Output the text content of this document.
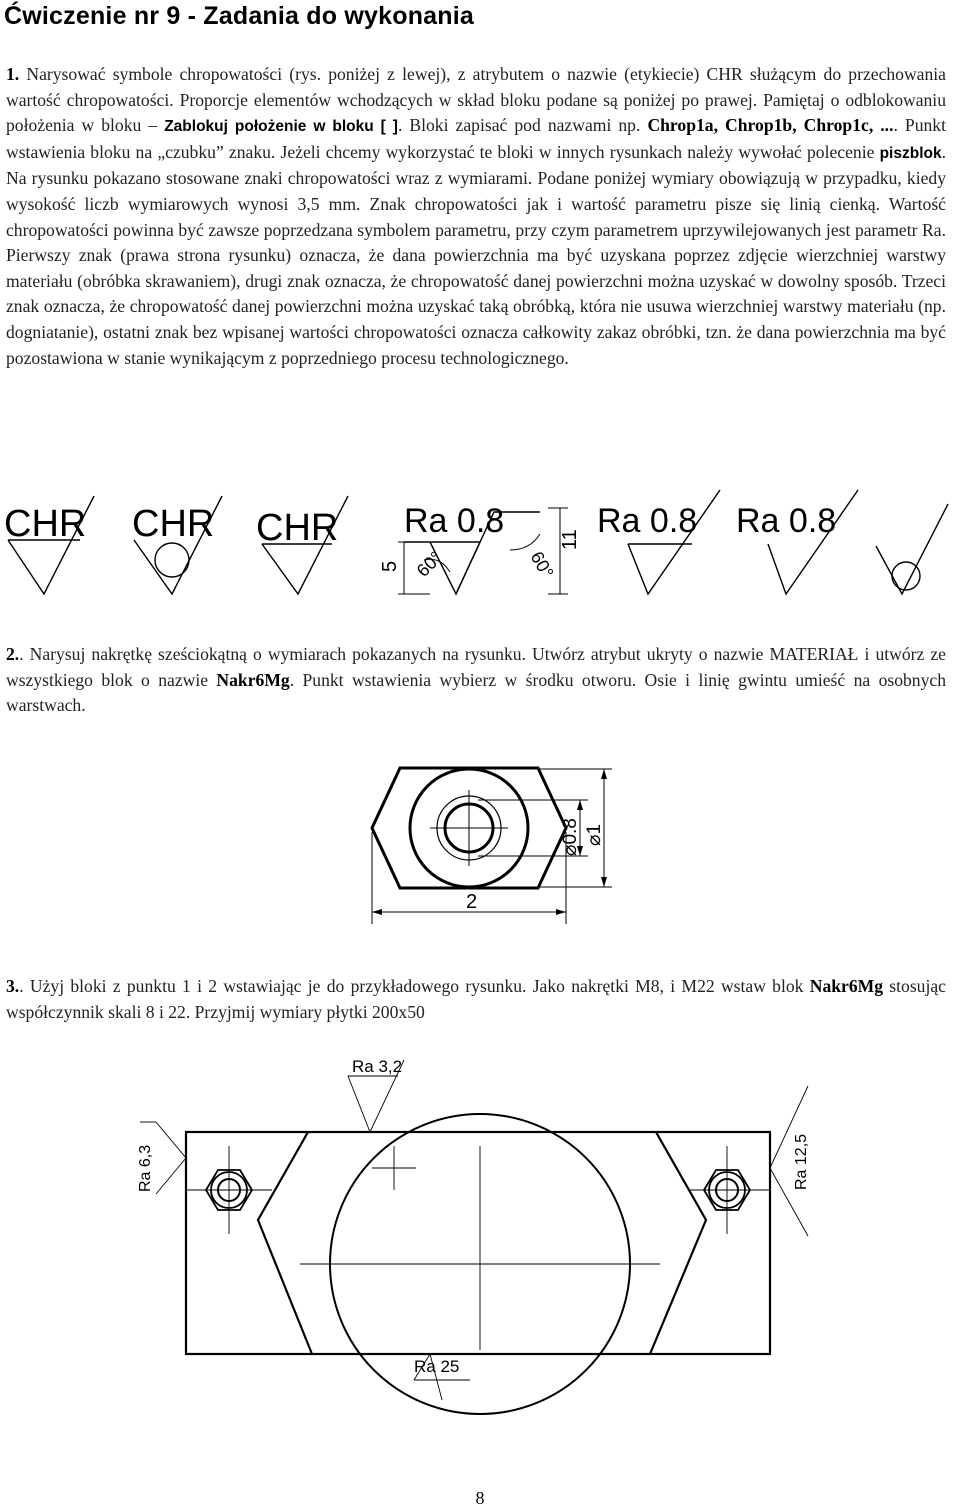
Ćwiczenie nr 9 - Zadania do wykonania

1. Narysować symbole chropowatości (rys. poniżej z lewej), z atrybutem o nazwie (etykiecie) CHR służącym do przechowania wartość chropowatości. Proporcje elementów wchodzących w skład bloku podane są poniżej po prawej. Pamiętaj o odblokowaniu położenia w bloku – Zablokuj położenie w bloku [ ]. Bloki zapisać pod nazwami np. Chrop1a, Chrop1b, Chrop1c, .... Punkt wstawienia bloku na „czubku” znaku. Jeżeli chcemy wykorzystać te bloki w innych rysunkach należy wywołać polecenie piszblok. Na rysunku pokazano stosowane znaki chropowatości wraz z wymiarami. Podane poniżej wymiary obowiązują w przypadku, kiedy wysokość liczb wymiarowych wynosi 3,5 mm. Znak chropowatości jak i wartość parametru pisze się linią cienką. Wartość chropowatości powinna być zawsze poprzedzana symbolem parametru, przy czym parametrem uprzywilejowanych jest parametr Ra. Pierwszy znak (prawa strona rysunku) oznacza, że dana powierzchnia ma być uzyskana poprzez zdjęcie wierzchniej warstwy materiału (obróbka skrawaniem), drugi znak oznacza, że chropowatość danej powierzchni można uzyskać w dowolny sposób. Trzeci znak oznacza, że chropowatość danej powierzchni można uzyskać taką obróbką, która nie usuwa wierzchniej warstwy materiału (np. dogniatanie), ostatni znak bez wpisanej wartości chropowatości oznacza całkowity zakaz obróbki, tzn. że dana powierzchnia ma być pozostawiona w stanie wynikającym z poprzedniego procesu technologicznego.

CHR CHR CHR Ra 0.8
5 60°	60°
11 Ra 0.8 Ra 0.8

2.. Narysuj nakrętkę sześciokątną o wymiarach pokazanych na rysunku. Utwórz atrybut ukryty o nazwie MATERIAŁ i utwórz ze wszystkiego blok o nazwie Nakr6Mg. Punkt wstawienia wybierz w środku otworu. Osie i linię gwintu umieść na osobnych warstwach.

2
⌀0.8 ⌀1

3.. Użyj bloki z punktu 1 i 2 wstawiając je do przykładowego rysunku. Jako nakrętki M8, i M22 wstaw blok Nakr6Mg stosując współczynnik skali 8 i 22. Przyjmij wymiary płytki 200x50

Ra 3,2
Ra 6,3	Ra 12,5
Ra 25
8
